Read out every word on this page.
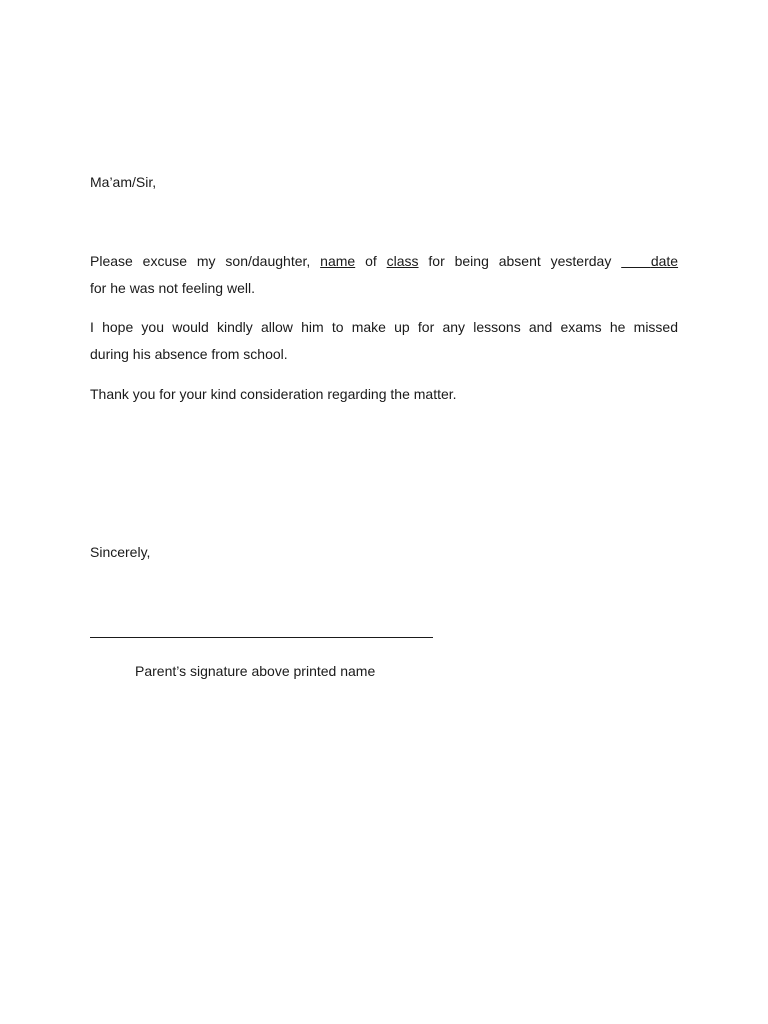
Ma’am/Sir,
Please excuse my son/daughter, name of class for being absent yesterday	date
for he was not feeling well.
I hope you would kindly allow him to make up for any lessons and exams he missed
during his absence from school.
Thank you for your kind consideration regarding the matter.
Sincerely,
Parent’s signature above printed name
